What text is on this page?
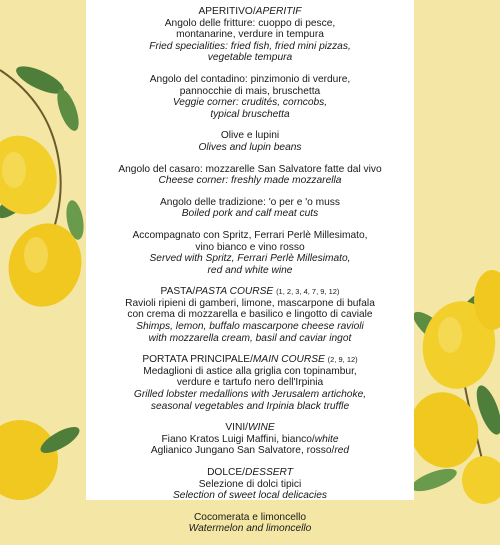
APERITIVO/APERITIF
Angolo delle fritture: cuoppo di pesce,
montanarine, verdure in tempura
Fried specialities: fried fish, fried mini pizzas,
vegetable tempura
Angolo del contadino: pinzimonio di verdure,
pannocchie di mais, bruschetta
Veggie corner: crudités, corncobs,
typical bruschetta
Olive e lupini
Olives and lupin beans
Angolo del casaro: mozzarelle San Salvatore fatte dal vivo
Cheese corner: freshly made mozzarella
Angolo delle tradizione: 'o per e 'o muss
Boiled pork and calf meat cuts
Accompagnato con Spritz, Ferrari Perlè Millesimato,
vino bianco e vino rosso
Served with Spritz, Ferrari Perlè Millesimato,
red and white wine
PASTA/PASTA COURSE (1, 2, 3, 4, 7, 9, 12)
Ravioli ripieni di gamberi, limone, mascarpone di bufala
con crema di mozzarella e basilico e lingotto di caviale
Shimps, lemon, buffalo mascarpone cheese ravioli
with mozzarella cream, basil and caviar ingot
PORTATA PRINCIPALE/MAIN COURSE (2, 9, 12)
Medaglioni di astice alla griglia con topinambur,
verdure e tartufo nero dell'Irpinia
Grilled lobster medallions with Jerusalem artichoke,
seasonal vegetables and Irpinia black truffle
VINI/WINE
Fiano Kratos Luigi Maffini, bianco/white
Aglianico Jungano San Salvatore, rosso/red
DOLCE/DESSERT
Selezione di dolci tipici
Selection of sweet local delicacies
Cocomerata e limoncello
Watermelon and limoncello
